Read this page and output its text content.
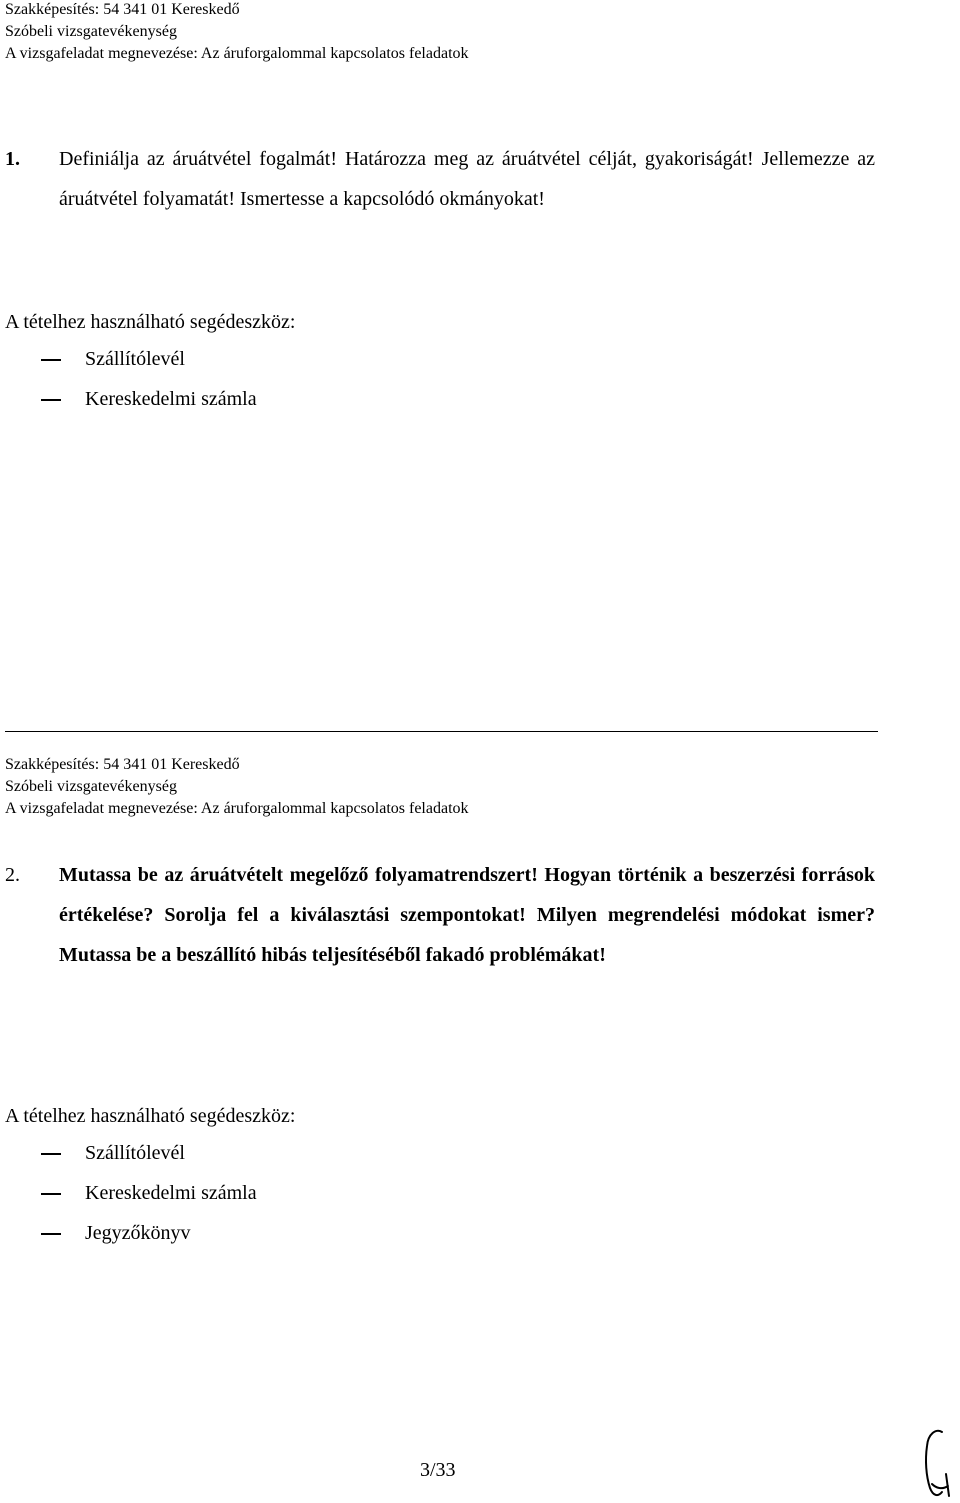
Szakképesítés: 54 341 01 Kereskedő
Szóbeli vizsgatevékenység
A vizsgafeladat megnevezése: Az áruforgalommal kapcsolatos feladatok
1. Definiálja az áruátvétel fogalmát! Határozza meg az áruátvétel célját, gyakoriságát! Jellemezze az áruátvétel folyamatát! Ismertesse a kapcsolódó okmányokat!
A tételhez használható segédeszköz:
Szállítólevél
Kereskedelmi számla
Szakképesítés: 54 341 01 Kereskedő
Szóbeli vizsgatevékenység
A vizsgafeladat megnevezése: Az áruforgalommal kapcsolatos feladatok
2. Mutassa be az áruátvételt megelőző folyamatrendszert! Hogyan történik a beszerzési források értékelése? Sorolja fel a kiválasztási szempontokat! Milyen megrendelési módokat ismer? Mutassa be a beszállító hibás teljesítéséből fakadó problémákat!
A tételhez használható segédeszköz:
Szállítólevél
Kereskedelmi számla
Jegyzőkönyv
3/33
